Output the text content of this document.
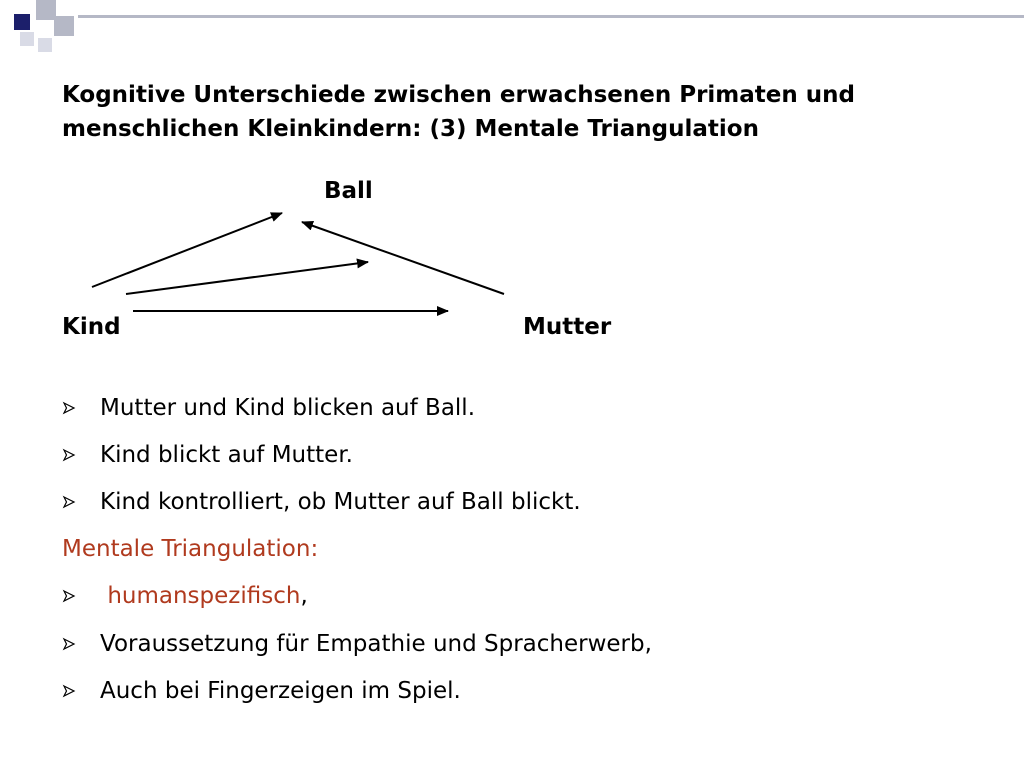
Kognitive Unterschiede zwischen erwachsenen Primaten und
menschlichen Kleinkindern: (3) Mentale Triangulation
Ball
Kind	Mutter
Mutter und Kind blicken auf Ball.
Kind blickt auf Mutter.
Kind kontrolliert, ob Mutter auf Ball blickt.
Mentale Triangulation:

humanspezifisch ,
Voraussetzung für Empathie und Spracherwerb,
Auch bei Fingerzeigen im Spiel.
